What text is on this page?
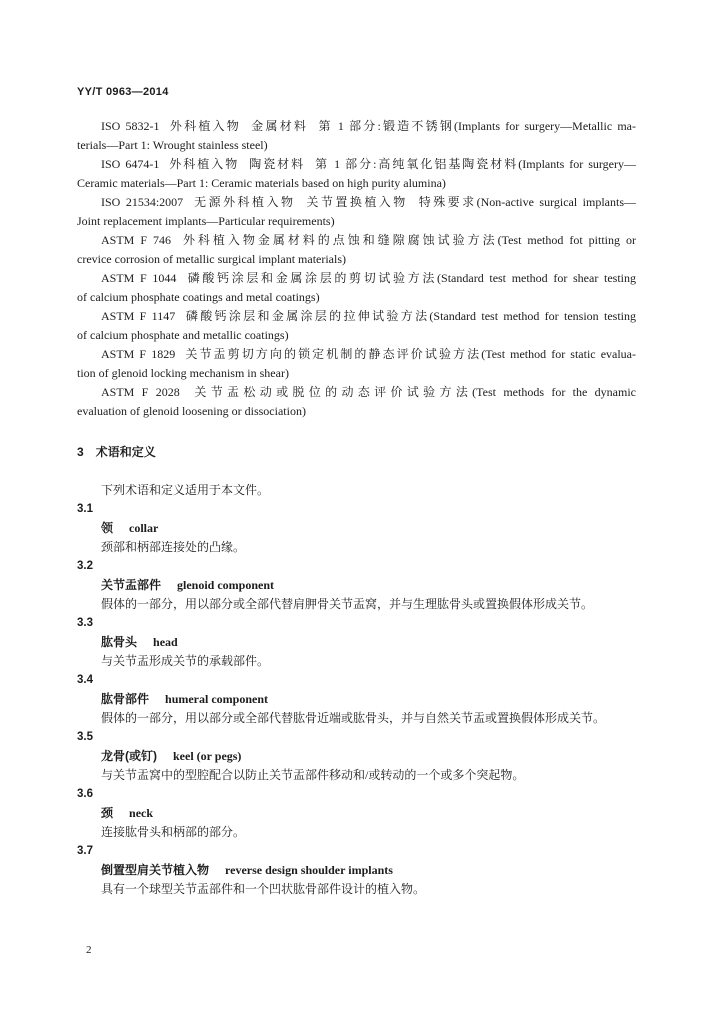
YY/T 0963—2014
ISO 5832-1  外科植入物  金属材料  第 1 部分:锻造不锈钢(Implants for surgery—Metallic ma-
terials—Part 1: Wrought stainless steel)
ISO 6474-1  外科植入物  陶瓷材料  第 1 部分:高纯氧化铝基陶瓷材料(Implants for surgery—
Ceramic materials—Part 1: Ceramic materials based on high purity alumina)
ISO 21534:2007  无源外科植入物  关节置换植入物  特殊要求(Non-active surgical implants—
Joint replacement implants—Particular requirements)
ASTM F 746  外科植入物金属材料的点蚀和缝隙腐蚀试验方法(Test method fot pitting or
crevice corrosion of metallic surgical implant materials)
ASTM F 1044  磷酸钙涂层和金属涂层的剪切试验方法(Standard test method for shear testing
of calcium phosphate coatings and metal coatings)
ASTM F 1147  磷酸钙涂层和金属涂层的拉伸试验方法(Standard test method for tension testing
of calcium phosphate and metallic coatings)
ASTM F 1829  关节盂剪切方向的锁定机制的静态评价试验方法(Test method for static evalua-
tion of glenoid locking mechanism in shear)
ASTM F 2028  关节盂松动或脱位的动态评价试验方法(Test methods for the dynamic
evaluation of glenoid loosening or dissociation)
3 术语和定义
下列术语和定义适用于本文件。
3.1
领 collar
颈部和柄部连接处的凸缘。
3.2
关节盂部件 glenoid component
假体的一部分，用以部分或全部代替肩胛骨关节盂窝，并与生理肱骨头或置换假体形成关节。
3.3
肱骨头 head
与关节盂形成关节的承载部件。
3.4
肱骨部件 humeral component
假体的一部分，用以部分或全部代替肱骨近端或肱骨头，并与自然关节盂或置换假体形成关节。
3.5
龙骨(或钉) keel (or pegs)
与关节盂窝中的型腔配合以防止关节盂部件移动和/或转动的一个或多个突起物。
3.6
颈 neck
连接肱骨头和柄部的部分。
3.7
倒置型肩关节植入物 reverse design shoulder implants
具有一个球型关节盂部件和一个凹状肱骨部件设计的植入物。
2
